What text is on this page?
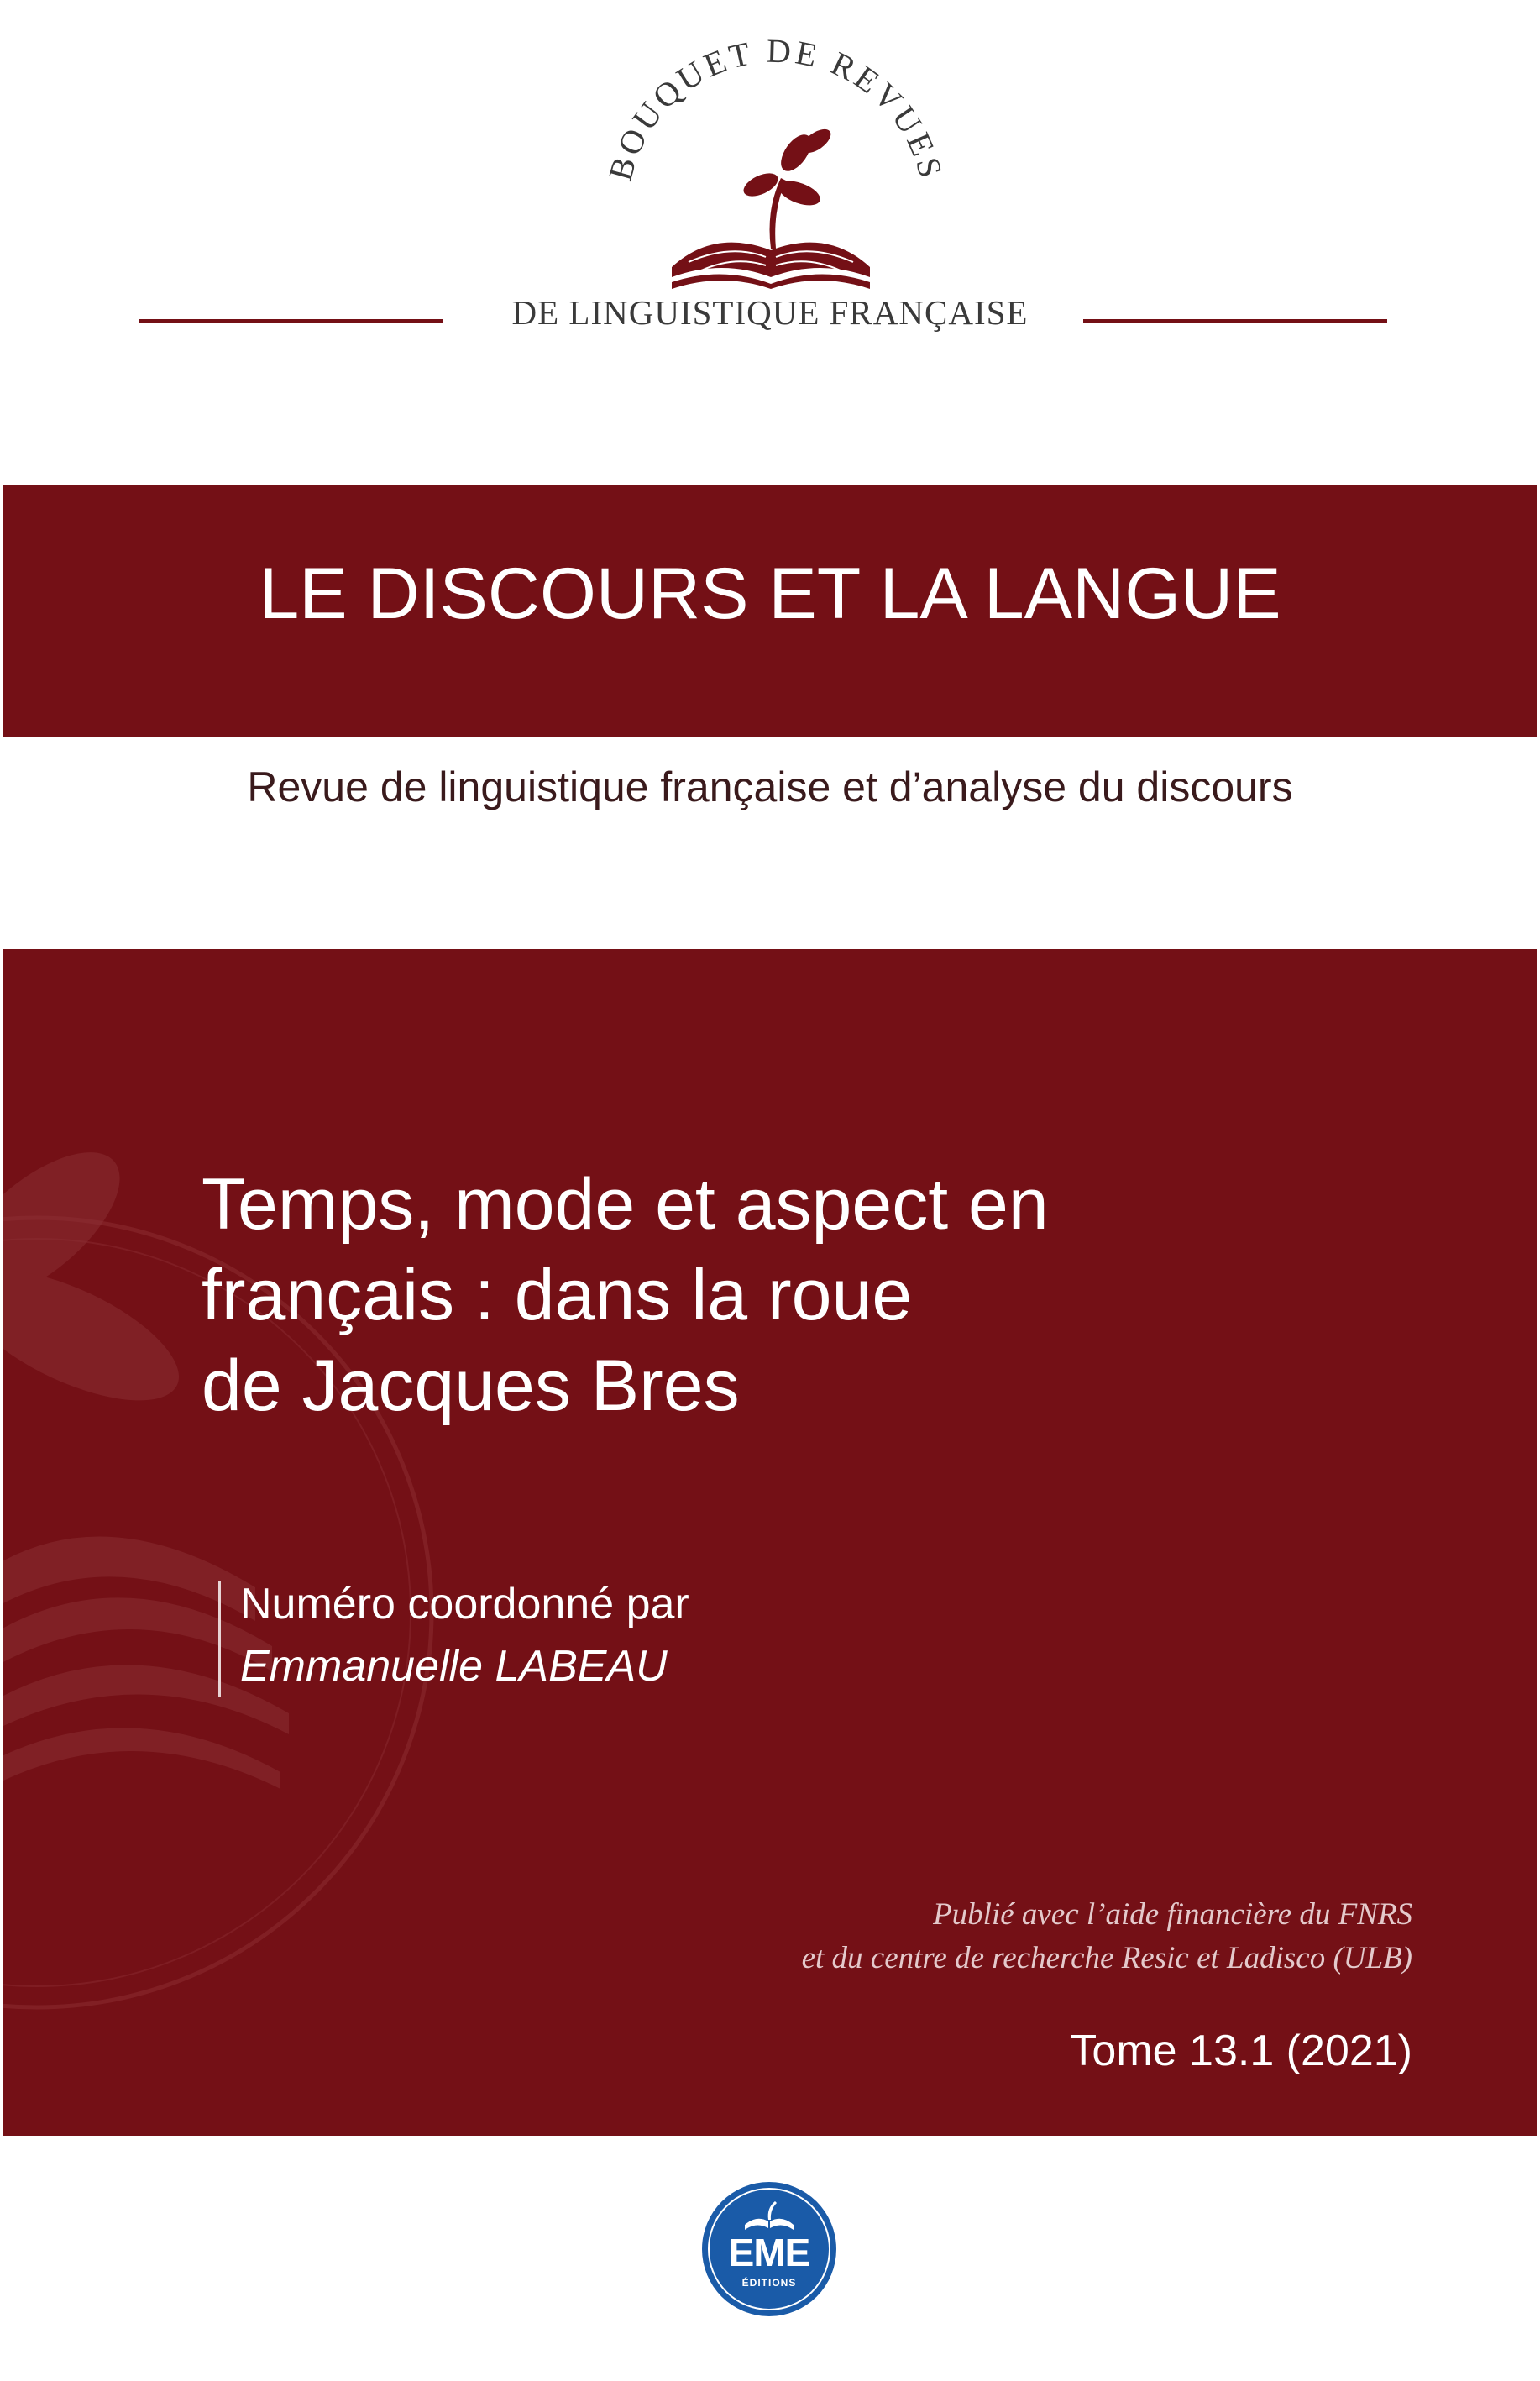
BOUQUET DE REVUES
DE LINGUISTIQUE FRANÇAISE
LE DISCOURS ET LA LANGUE
Revue de linguistique française et d’analyse du discours
Temps, mode et aspect en
français : dans la roue
de Jacques Bres
Numéro coordonné par
Emmanuelle LABEAU
Publié avec l’aide financière du FNRS
et du centre de recherche Resic et Ladisco (ULB)
Tome 13.1 (2021)
EME
ÉDITIONS
